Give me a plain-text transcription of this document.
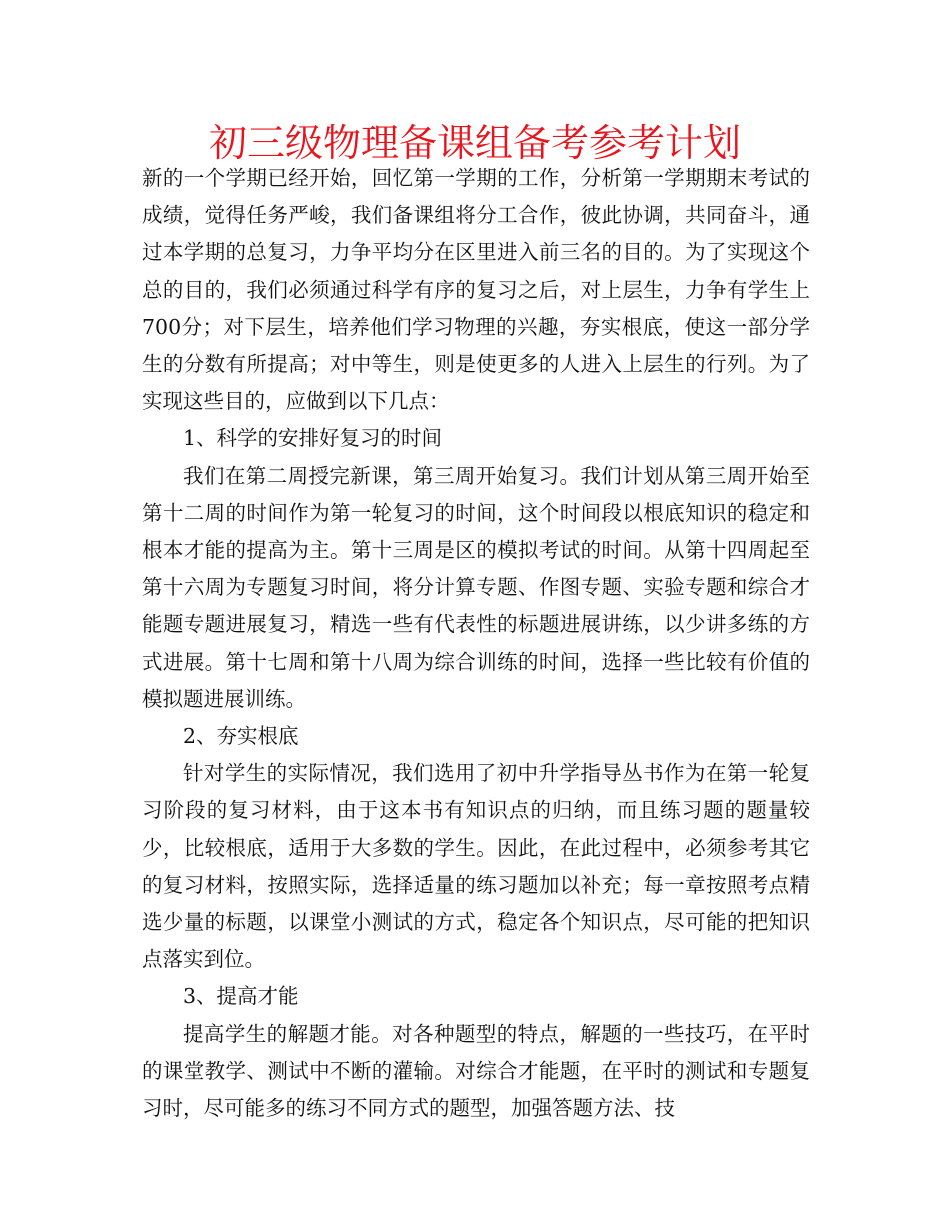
初三级物理备课组备考参考计划

新的一个学期已经开始，回忆第一学期的工作，分析第一学期期末考试的成绩，觉得任务严峻，我们备课组将分工合作，彼此协调，共同奋斗，通过本学期的总复习，力争平均分在区里进入前三名的目的。为了实现这个总的目的，我们必须通过科学有序的复习之后，对上层生，力争有学生上700分；对下层生，培养他们学习物理的兴趣，夯实根底，使这一部分学生的分数有所提高；对中等生，则是使更多的人进入上层生的行列。为了实现这些目的，应做到以下几点：

1、科学的安排好复习的时间

我们在第二周授完新课，第三周开始复习。我们计划从第三周开始至第十二周的时间作为第一轮复习的时间，这个时间段以根底知识的稳定和根本才能的提高为主。第十三周是区的模拟考试的时间。从第十四周起至第十六周为专题复习时间，将分计算专题、作图专题、实验专题和综合才能题专题进展复习，精选一些有代表性的标题进展讲练，以少讲多练的方式进展。第十七周和第十八周为综合训练的时间，选择一些比较有价值的模拟题进展训练。

2、夯实根底

针对学生的实际情况，我们选用了初中升学指导丛书作为在第一轮复习阶段的复习材料，由于这本书有知识点的归纳，而且练习题的题量较少，比较根底，适用于大多数的学生。因此，在此过程中，必须参考其它的复习材料，按照实际，选择适量的练习题加以补充；每一章按照考点精选少量的标题，以课堂小测试的方式，稳定各个知识点，尽可能的把知识点落实到位。

3、提高才能

提高学生的解题才能。对各种题型的特点，解题的一些技巧，在平时的课堂教学、测试中不断的灌输。对综合才能题，在平时的测试和专题复习时，尽可能多的练习不同方式的题型，加强答题方法、技
